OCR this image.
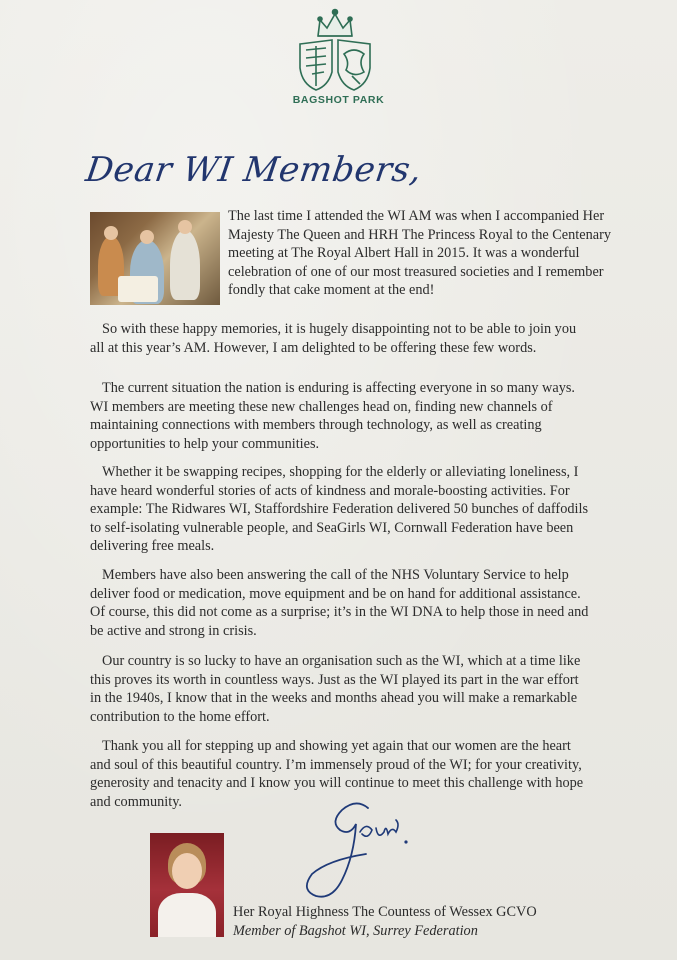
BAGSHOT PARK
Dear WI Members,
The last time I attended the WI AM was when I accompanied Her Majesty The Queen and HRH The Princess Royal to the Centenary meeting at The Royal Albert Hall in 2015. It was a wonderful celebration of one of our most treasured societies and I remember fondly that cake moment at the end!
So with these happy memories, it is hugely disappointing not to be able to join you all at this year’s AM. However, I am delighted to be offering these few words.
The current situation the nation is enduring is affecting everyone in so many ways. WI members are meeting these new challenges head on, finding new channels of maintaining connections with members through technology, as well as creating opportunities to help your communities.
Whether it be swapping recipes, shopping for the elderly or alleviating loneliness, I have heard wonderful stories of acts of kindness and morale-boosting activities. For example: The Ridwares WI, Staffordshire Federation delivered 50 bunches of daffodils to self-isolating vulnerable people, and SeaGirls WI, Cornwall Federation have been delivering free meals.
Members have also been answering the call of the NHS Voluntary Service to help deliver food or medication, move equipment and be on hand for additional assistance. Of course, this did not come as a surprise; it’s in the WI DNA to help those in need and be active and strong in crisis.
Our country is so lucky to have an organisation such as the WI, which at a time like this proves its worth in countless ways. Just as the WI played its part in the war effort in the 1940s, I know that in the weeks and months ahead you will make a remarkable contribution to the home effort.
Thank you all for stepping up and showing yet again that our women are the heart and soul of this beautiful country. I’m immensely proud of the WI; for your creativity, generosity and tenacity and I know you will continue to meet this challenge with hope and community.
Her Royal Highness The Countess of Wessex GCVO
Member of Bagshot WI, Surrey Federation
